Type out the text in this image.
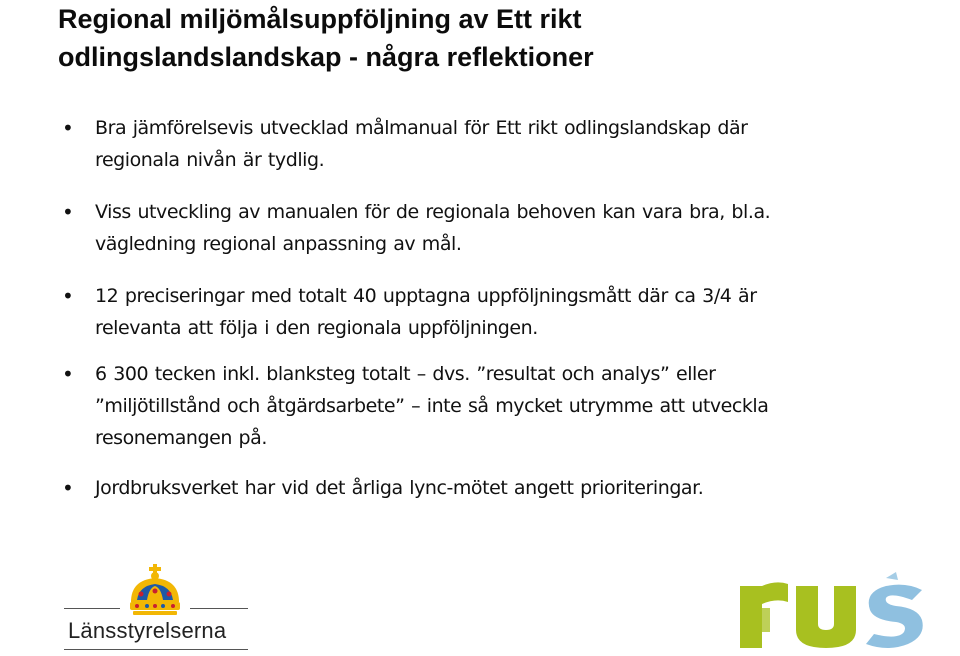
Regional miljömålsuppföljning av Ett rikt
odlingslandslandskap - några reflektioner
• Bra jämförelsevis utvecklad målmanual för Ett rikt odlingslandskap där
regionala nivån är tydlig.
• Viss utveckling av manualen för de regionala behoven kan vara bra, bl.a.
vägledning regional anpassning av mål.
• 12 preciseringar med totalt 40 upptagna uppföljningsmått där ca 3/4 är
relevanta att följa i den regionala uppföljningen.
• 6 300 tecken inkl. blanksteg totalt – dvs. ”resultat och analys” eller
”miljötillstånd och åtgärdsarbete” – inte så mycket utrymme att utveckla
resonemangen på.
• Jordbruksverket har vid det årliga lync-mötet angett prioriteringar.
Länsstyrelserna
